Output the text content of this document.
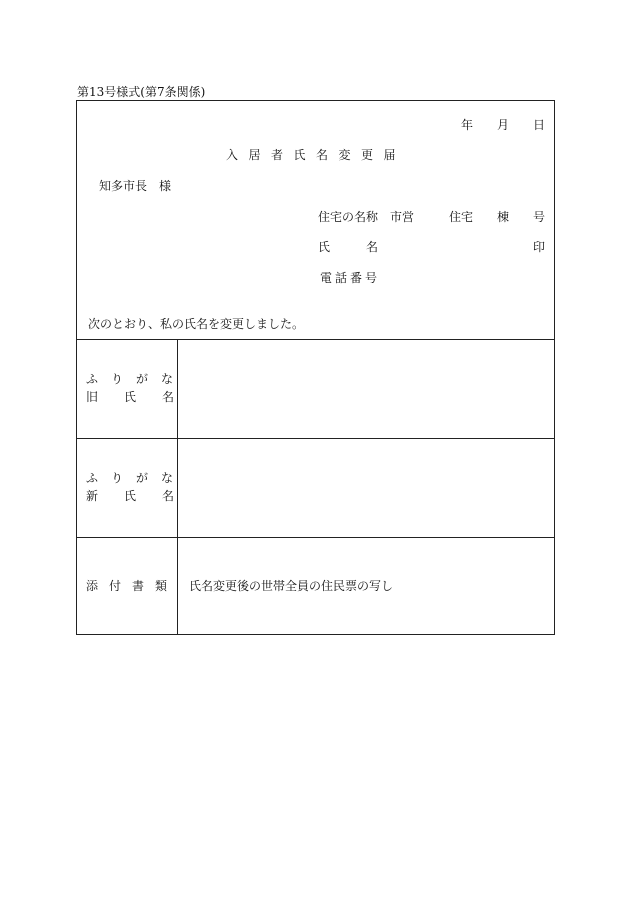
第13号様式(第7条関係)
年 月 日
入居者氏名変更届
知多市長 様
住宅の名称 市営	住宅 棟 号
氏	名	印
電話番号
次のとおり、私の氏名を変更しました。
ふりがな
旧氏名
ふりがな
新氏名
添付書類 氏名変更後の世帯全員の住民票の写し
